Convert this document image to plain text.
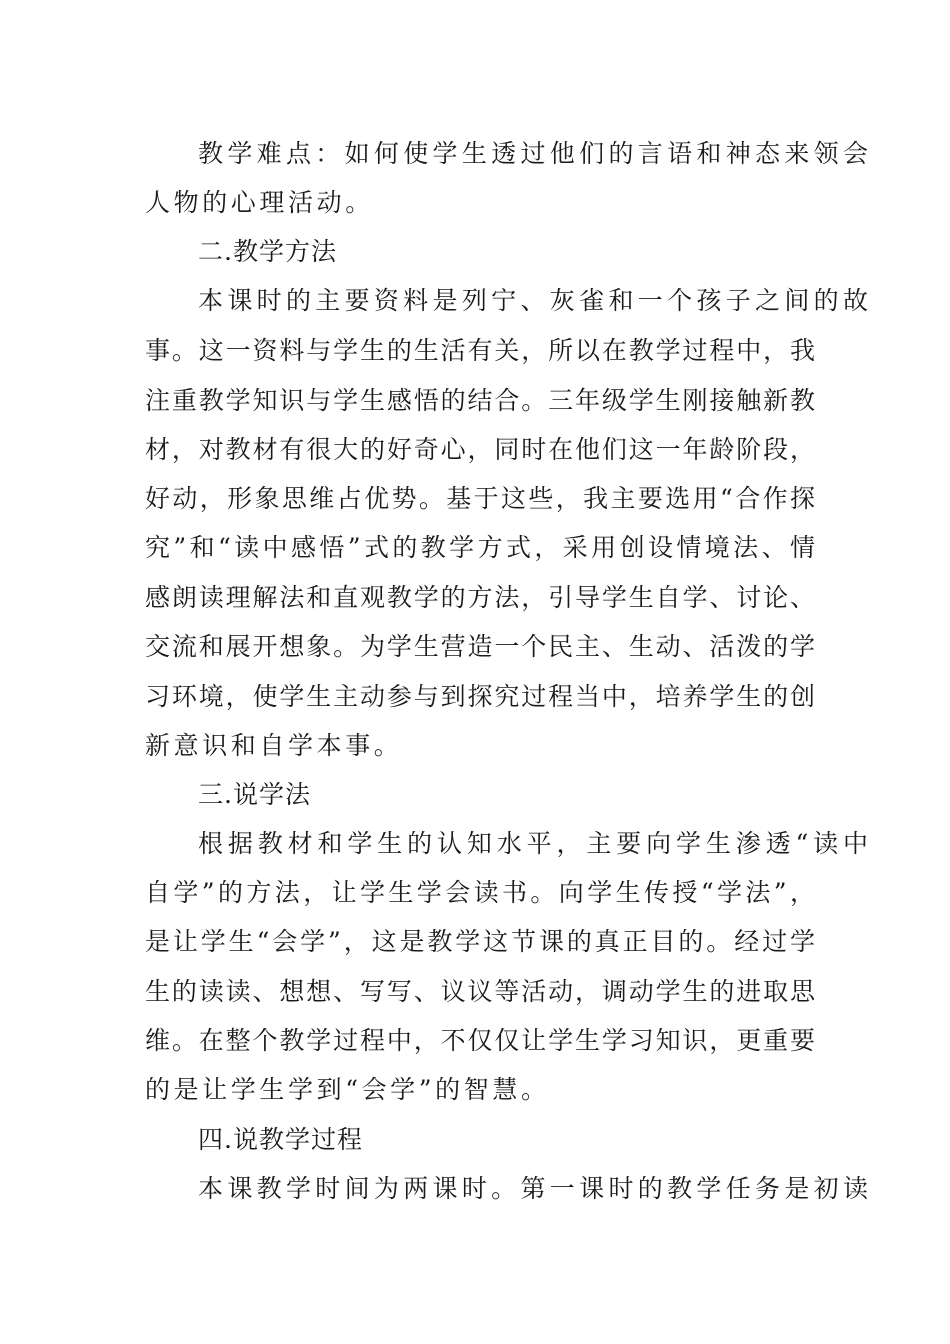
教学难点：如何使学生透过他们的言语和神态来领会
人物的心理活动。
二.教学方法
本课时的主要资料是列宁、灰雀和一个孩子之间的故
事。这一资料与学生的生活有关，所以在教学过程中，我
注重教学知识与学生感悟的结合。三年级学生刚接触新教
材，对教材有很大的好奇心，同时在他们这一年龄阶段，
好动，形象思维占优势。基于这些，我主要选用“合作探
究”和“读中感悟”式的教学方式，采用创设情境法、情
感朗读理解法和直观教学的方法，引导学生自学、讨论、
交流和展开想象。为学生营造一个民主、生动、活泼的学
习环境，使学生主动参与到探究过程当中，培养学生的创
新意识和自学本事。
三.说学法
根据教材和学生的认知水平，主要向学生渗透“读中
自学”的方法，让学生学会读书。向学生传授“学法”，
是让学生“会学”，这是教学这节课的真正目的。经过学
生的读读、想想、写写、议议等活动，调动学生的进取思
维。在整个教学过程中，不仅仅让学生学习知识，更重要
的是让学生学到“会学”的智慧。
四.说教学过程
本课教学时间为两课时。第一课时的教学任务是初读
